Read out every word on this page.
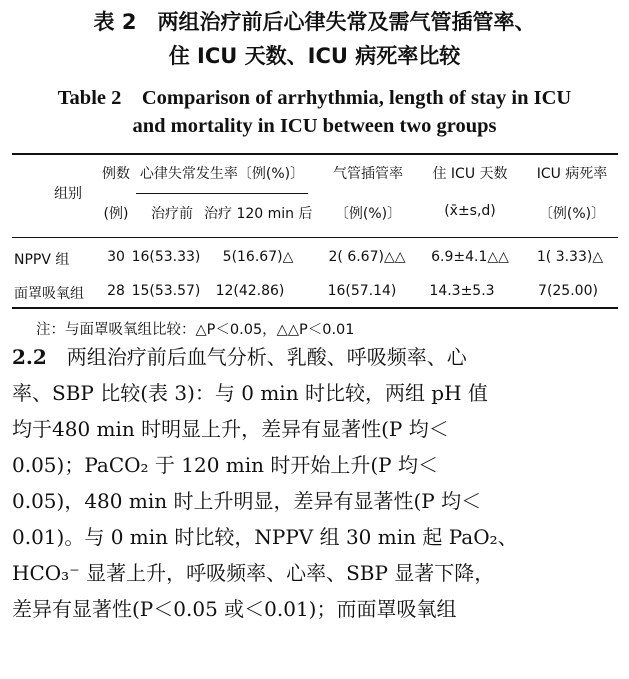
表 2　两组治疗前后心律失常及需气管插管率、
住 ICU 天数、ICU 病死率比较
Table 2　Comparison of arrhythmia, length of stay in ICU
and mortality in ICU between two groups
组别
例数
(例)
心律失常发生率〔例(%)〕
治疗前 治疗 120 min 后
气管插管率
〔例(%)〕
住 ICU 天数
(x̄±s,d)
ICU 病死率
〔例(%)〕
NPPV 组	30 16(53.33)	5(16.67)△	2( 6.67)△△	6.9±4.1△△	1( 3.33)△
面罩吸氧组	28 15(53.57)	12(42.86)	16(57.14)	14.3±5.3	7(25.00)
注：与面罩吸氧组比较：△P＜0.05，△△P＜0.01
2.2　 两组治疗前后血气分析、乳酸、呼吸频率、心
率、SBP 比较(表 3)：与 0 min 时比较，两组 pH 值
均于480 min 时明显上升，差异有显著性(P 均＜
0.05)；PaCO₂ 于 120 min 时开始上升(P 均＜
0.05)，480 min 时上升明显，差异有显著性(P 均＜
0.01)。与 0 min 时比较，NPPV 组 30 min 起 PaO₂、
HCO₃⁻ 显著上升，呼吸频率、心率、SBP 显著下降，
差异有显著性(P＜0.05 或＜0.01)；而面罩吸氧组
